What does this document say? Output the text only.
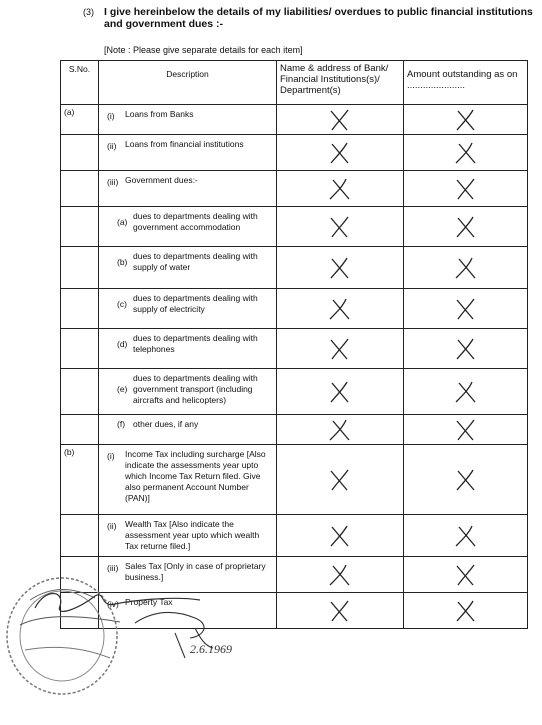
(3) I give hereinbelow the details of my liabilities/ overdues to public financial institutions and government dues :-
[Note : Please give separate details for each item]
S.No.	Description	Name & address of Bank/ Financial Institutions(s)/ Department(s)	Amount outstanding as on ......................
(a)	(i) Loans from Banks

	(ii) Loans from financial institutions

	(iii) Government dues:-

	(a)dues to departments dealing with government accommodation

	(b)dues to departments dealing with supply of water

	(c)dues to departments dealing with supply of electricity

	(d)dues to departments dealing with telephones

	(e)dues to departments dealing with government transport (including aircrafts and helicopters)

	(f) other dues, if any

(b)	(i) Income Tax including surcharge [Also indicate the assessments year upto which Income Tax Return filed. Give also permanent Account Number (PAN)]

	(ii) Wealth Tax [Also indicate the assessment year upto which wealth Tax returne filed.]

	(iii) Sales Tax [Only in case of proprietary business.]

	(iv) Property Tax

2.6.1969
